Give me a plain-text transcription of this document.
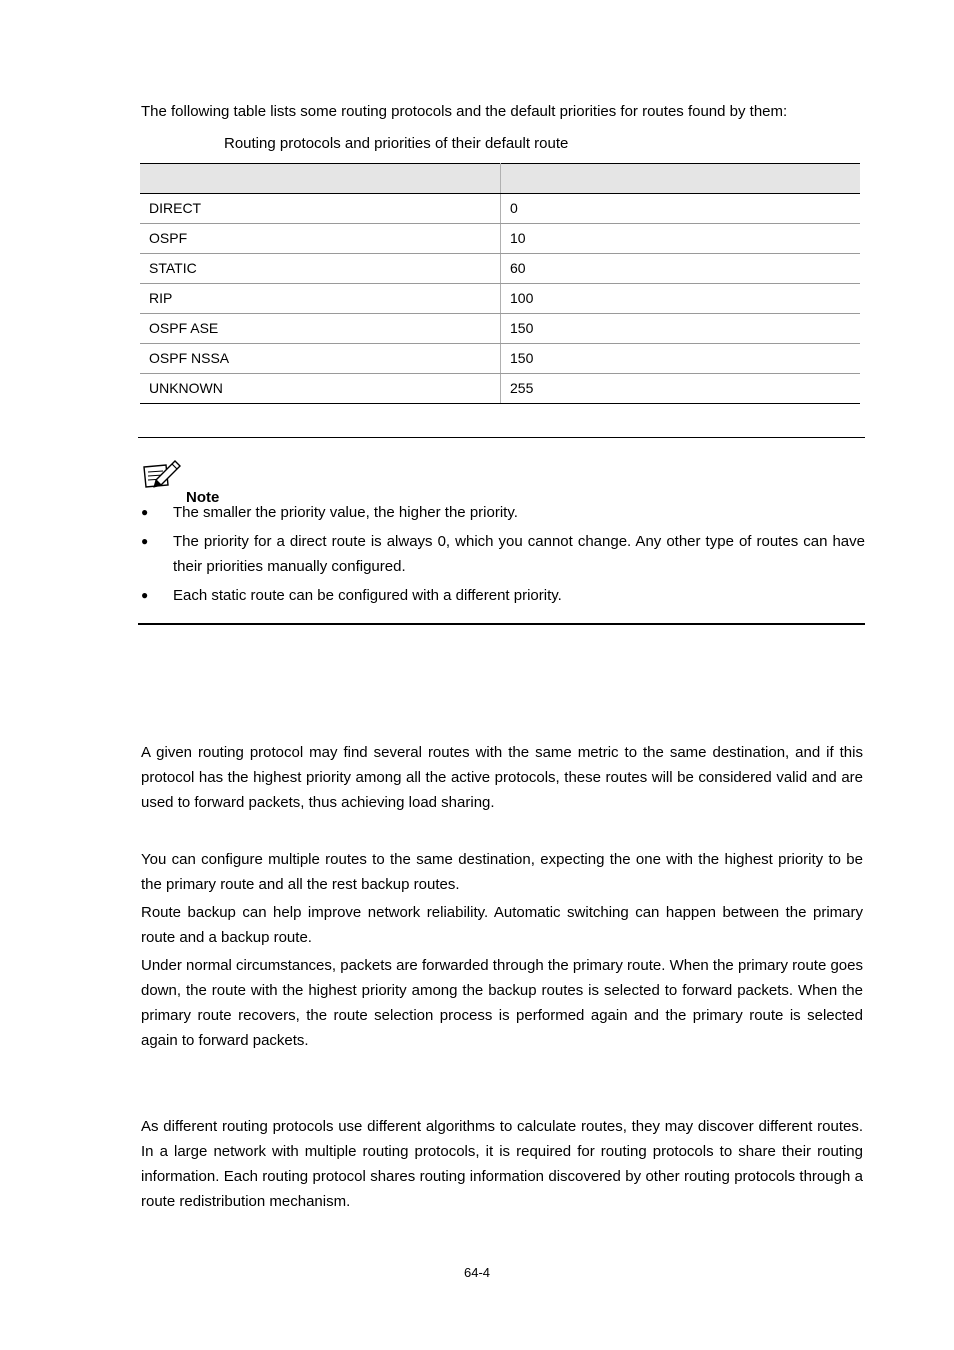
The following table lists some routing protocols and the default priorities for routes found by them:
Routing protocols and priorities of their default route

DIRECT	0
OSPF	10
STATIC	60
RIP	100
OSPF ASE	150
OSPF NSSA	150
UNKNOWN	255
Note
● The smaller the priority value, the higher the priority.
● The priority for a direct route is always 0, which you cannot change. Any other type of routes can have their priorities manually configured.
● Each static route can be configured with a different priority.

A given routing protocol may find several routes with the same metric to the same destination, and if this protocol has the highest priority among all the active protocols, these routes will be considered valid and are used to forward packets, thus achieving load sharing.

You can configure multiple routes to the same destination, expecting the one with the highest priority to be the primary route and all the rest backup routes.

Route backup can help improve network reliability. Automatic switching can happen between the primary route and a backup route.

Under normal circumstances, packets are forwarded through the primary route. When the primary route goes down, the route with the highest priority among the backup routes is selected to forward packets. When the primary route recovers, the route selection process is performed again and the primary route is selected again to forward packets.

As different routing protocols use different algorithms to calculate routes, they may discover different routes. In a large network with multiple routing protocols, it is required for routing protocols to share their routing information. Each routing protocol shares routing information discovered by other routing protocols through a route redistribution mechanism.

64-4
